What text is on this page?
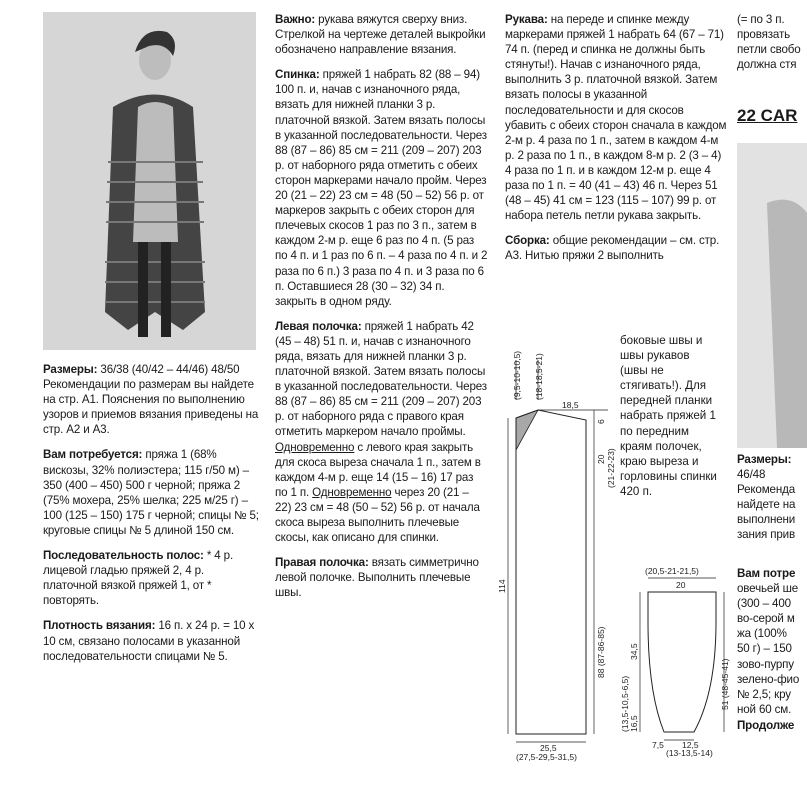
Размеры: 36/38 (40/42 – 44/46) 48/50
Рекомендации по размерам вы найдете на стр. А1. Пояснения по выполнению узоров и приемов вязания приведены на стр. А2 и А3.

Вам потребуется: пряжа 1 (68% вискозы, 32% полиэстера; 115 г/50 м) – 350 (400 – 450) 500 г черной; пряжа 2 (75% мохера, 25% шелка; 225 м/25 г) – 100 (125 – 150) 175 г черной; спицы № 5; круговые спицы № 5 длиной 150 см.

Последовательность полос: * 4 р. лицевой гладью пряжей 2, 4 р. платочной вязкой пряжей 1, от * повторять.

Плотность вязания: 16 п. х 24 р. = 10 х 10 см, связано полосами в указанной последовательности спицами № 5.

Важно: рукава вяжутся сверху вниз. Стрелкой на чертеже деталей выкройки обозначено направление вязания.

Спинка: пряжей 1 набрать 82 (88 – 94) 100 п. и, начав с изнаночного ряда, вязать для нижней планки 3 р. платочной вязкой. Затем вязать полосы в указанной последовательности. Через 88 (87 – 86) 85 см = 211 (209 – 207) 203 р. от наборного ряда отметить с обеих сторон маркерами начало пройм. Через 20 (21 – 22) 23 см = 48 (50 – 52) 56 р. от маркеров закрыть с обеих сторон для плечевых скосов 1 раз по 3 п., затем в каждом 2-м р. еще 6 раз по 4 п. (5 раз по 4 п. и 1 раз по 6 п. – 4 раза по 4 п. и 2 раза по 6 п.) 3 раза по 4 п. и 3 раза по 6 п. Оставшиеся 28 (30 – 32) 34 п. закрыть в одном ряду.

Левая полочка: пряжей 1 набрать 42 (45 – 48) 51 п. и, начав с изнаночного ряда, вязать для нижней планки 3 р. платочной вязкой. Затем вязать полосы в указанной последовательности. Через 88 (87 – 86) 85 см = 211 (209 – 207) 203 р. от наборного ряда с правого края отметить маркером начало проймы. Одновременно с левого края закрыть для скоса выреза сначала 1 п., затем в каждом 4-м р. еще 14 (15 – 16) 17 раз по 1 п. Одновременно через 20 (21 – 22) 23 см = 48 (50 – 52) 56 р. от начала скоса выреза выполнить плечевые скосы, как описано для спинки.

Правая полочка: вязать симметрично левой полочке. Выполнить плечевые швы.

Рукава: на переде и спинке между маркерами пряжей 1 набрать 64 (67 – 71) 74 п. (перед и спинка не должны быть стянуты!). Начав с изнаночного ряда, выполнить 3 р. платочной вязкой. Затем вязать полосы в указанной последовательности и для скосов убавить с обеих сторон сначала в каждом 2-м р. 4 раза по 1 п., затем в каждом 4-м р. 2 раза по 1 п., в каждом 8-м р. 2 (3 – 4) 4 раза по 1 п. и в каждом 12-м р. еще 4 раза по 1 п. = 40 (41 – 43) 46 п. Через 51 (48 – 45) 41 см = 123 (115 – 107) 99 р. от набора петель петли рукава закрыть.

Сборка: общие рекомендации – см. стр. А3. Нитью пряжи 2 выполнить

боковые швы и швы рукавов (швы не стягивать!). Для передней планки набрать пряжей 1 по передним краям полочек, краю выреза и горловины спинки 420 п.
(9,5-10-10,5) (18-18,5-21)
18,5
6
20 (21-22-23)
88 (87-86-85)
114
25,5
(27,5-29,5-31,5)
(20,5-21-21,5)
20
34,5
(13,5-10,5-6,5) 16,5
51 (48-45-41)
7,5 12,5
(13-13,5-14)
(= по 3 п.
провязать
петли свобо
должна стя
22 CAR
Размеры:
46/48
Рекоменда
найдете на
выполнени
зания прив
Вам потре
овечьей ше
(300 – 400
во-серой м
жа (100%
50 г) – 150
зово-пурпу
зелено-фио
№ 2,5; кру
ной 60 см.
Продолже
